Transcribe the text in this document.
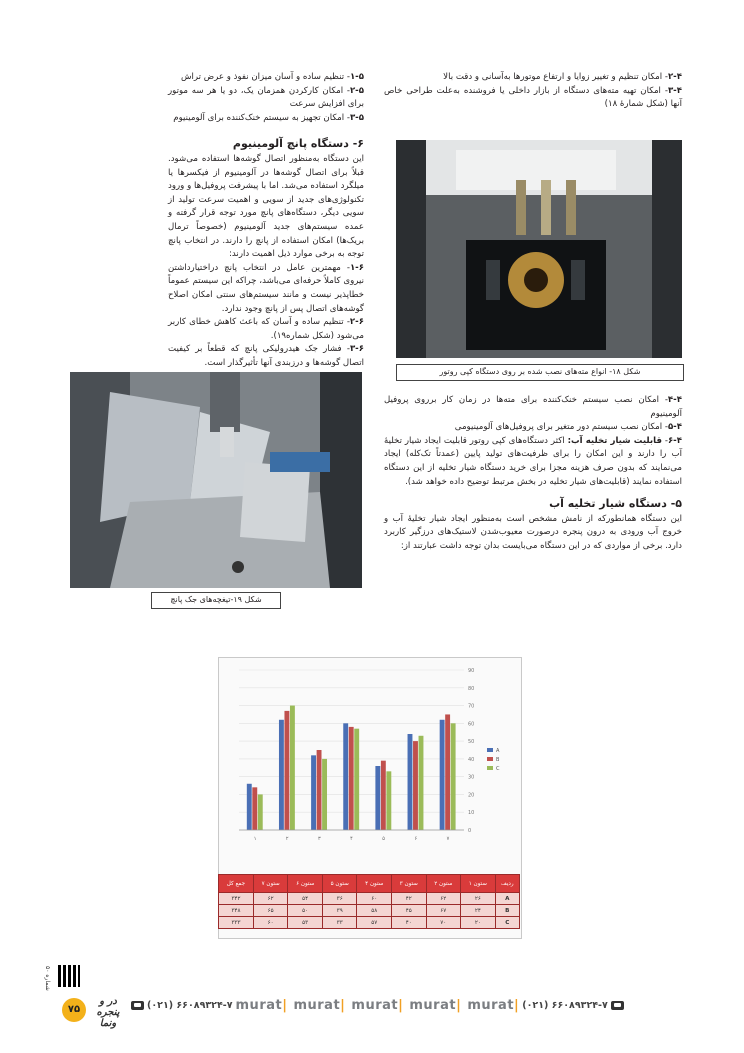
۱-۵- تنظیم ساده و آسان میزان نفوذ و عرض تراش

۲-۵- امکان کارکردن همزمان یک، دو یا هر سه موتور برای افزایش سرعت

۳-۵- امکان تجهیز به سیستم خنک‌کننده برای آلومینیوم

۶- دستگاه پانچ آلومینیوم

این دستگاه به‌منظور اتصال گوشه‌ها استفاده می‌شود. قبلاً برای اتصال گوشه‌ها در آلومینیوم از فیکسرها یا میلگرد استفاده می‌شد. اما با پیشرفت پروفیل‌ها و ورود تکنولوژی‌های جدید از سویی و اهمیت سرعت تولید از سویی دیگر، دستگاه‌های پانچ مورد توجه قرار گرفته و عمده سیستم‌های جدید آلومینیوم (خصوصاً ترمال بریک‌ها) امکان استفاده از پانچ را دارند. در انتخاب پانچ توجه به برخی موارد ذیل اهمیت دارند:

۱-۶- مهمترین عامل در انتخاب پانچ دراختیارداشتن نیروی کاملاً حرفه‌ای می‌باشد، چراکه این سیستم عموماً خطاپذیر نیست و مانند سیستم‌های سنتی امکان اصلاح گوشه‌های اتصال پس از پانچ وجود ندارد.

۲-۶- تنظیم ساده و آسان که باعث کاهش خطای کاربر می‌شود (شکل شماره۱۹).

۳-۶- فشار جک هیدرولیکی پانچ که قطعاً بر کیفیت اتصال گوشه‌ها و درزبندی آنها تأثیرگذار است.

شکل ۱۹-تیغچه‌های جک پانچ

۲-۴- امکان تنظیم و تغییر زوایا و ارتفاع موتورها به‌آسانی و دقت بالا

۳-۴- امکان تهیه مته‌های دستگاه از بازار داخلی یا فروشنده به‌علت طراحی خاص آنها (شکل شمارهٔ ۱۸)

شکل ۱۸- انواع مته‌های نصب شده بر روی دستگاه کپی روتور

۴-۴- امکان نصب سیستم خنک‌کننده برای مته‌ها در زمان کار برروی پروفیل آلومینیوم

۵-۴- امکان نصب سیستم دور متغیر برای پروفیل‌های آلومینیومی

۶-۴- قابلیت شیار تخلیه آب: اکثر دستگاه‌های کپی روتور قابلیت ایجاد شیار تخلیهٔ آب را دارند و این امکان را برای ظرفیت‌های تولید پایین (عمدتاً تک‌کله) ایجاد می‌نمایند که بدون صرف هزینه مجزا برای خرید دستگاه شیار تخلیه از این دستگاه استفاده نمایند (قابلیت‌های شیار تخلیه در بخش مرتبط توضیح داده خواهد شد).

۵- دستگاه شیار تخلیه آب

این دستگاه همانطورکه از نامش مشخص است به‌منظور ایجاد شیار تخلیهٔ آب و خروج آب ورودی به درون پنجره درصورت معیوب‌شدن لاستیک‌های درزگیر کاربرد دارد. برخی از مواردی که در این دستگاه می‌بایست بدان توجه داشت عبارتند از:

0
10
20
30
40
50
60
70
80
90
۱	۲	۳	۴	۵	۶	۷
A
B
C
ردیف	ستون ۱	ستون ۲	ستون ۳	ستون ۴	ستون ۵	ستون ۶	ستون ۷	جمع کل
A	۲۶	۶۲	۴۲	۶۰	۳۶	۵۴	۶۲	۳۴۲
B	۲۴	۶۷	۴۵	۵۸	۳۹	۵۰	۶۵	۳۴۸
C	۲۰	۷۰	۴۰	۵۷	۳۳	۵۳	۶۰	۳۳۳
شماره ۵۰
۷۵
در و پنجره ونما
(۰۲۱) ۶۶۰۸۹۳۲۴-۷ murat| murat| murat| murat| murat| (۰۲۱) ۶۶۰۸۹۳۲۴-۷
